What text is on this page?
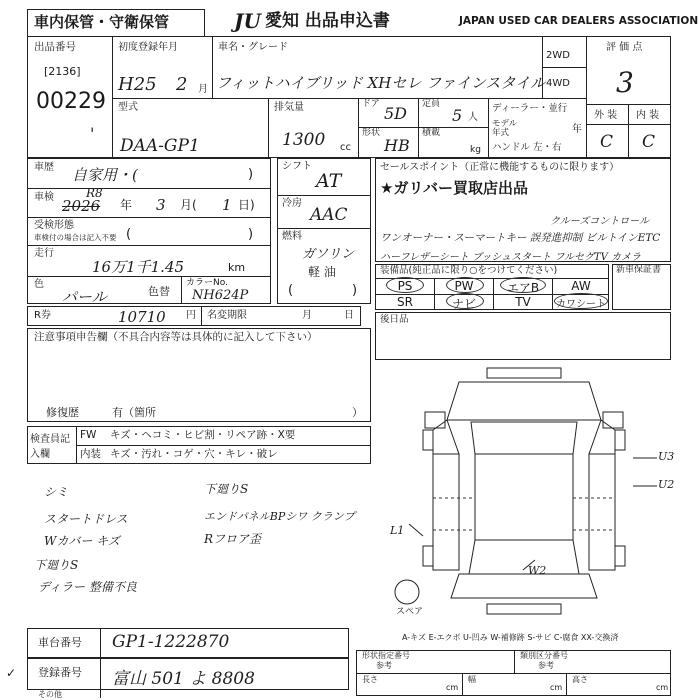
車内保管・守衛保管	JU 愛知 出品申込書	JAPAN USED CAR DEALERS ASSOCIATION
出品番号
[2136]
00229
'
初度登録年月
H25 2 月
車名・グレード
フィットハイブリッド XHセレ ファインスタイル
2WD
4WD
評 価 点
3
型式
DAA-GP1
排気量
1300 cc
ドア 5D
形状
HB
定員
5 人
積載
kg
ディーラー・並行
モデル年式	年
ハンドル 左・右
外 装 内 装
C C
車歴 自家用・(	)
車検	R8
2026 年 3 月( 1 日)
受検形態
車検付の場合は記入不要 (	)
走行
16万1千1.45	km
色
パール	色替
カラーNo.
NH624P
シフト
AT
冷房
AAC
燃料
ガソリン
軽 油
(	)
R券	10710 円 名変期限	月	日
注意事項申告欄（不具合内容等は具体的に記入して下さい）
修復歴	有（箇所	）
検査員記入欄
FW キズ・ヘコミ・ヒビ割・リペア跡・X要
内装 キズ・汚れ・コゲ・穴・キレ・破レ
シミ
スタートドレス
Wカバー キズ
下廻りS
エンドパネルBPシワ クランプ
Rフロア歪
下廻りS
ディラー 整備不良
セールスポイント（正常に機能するものに限ります）
★ガリバー買取店出品
クルーズコントロール
ワンオーナー・スーマートキー 誤発進抑制 ビルトインETC
ハーフレザーシート プッシュスタート フルセグTV カメラ
装備品(純正品に限り○をつけてください)
PS	PW	エアB	AW
SR	ナビ	TV	カワシート
新車保証書
後日品
U3
U2
L1
W2
スペア
A-キズ E-エクボ U-凹み W-補修跡 S-サビ C-腐食 XX-交換済
車台番号 GP1-1222870
✓ 登録番号 富山 501 よ 8808
その他
形状指定番号
参考
類別区分番号
参考
長さ
cm
幅
cm
高さ
cm
